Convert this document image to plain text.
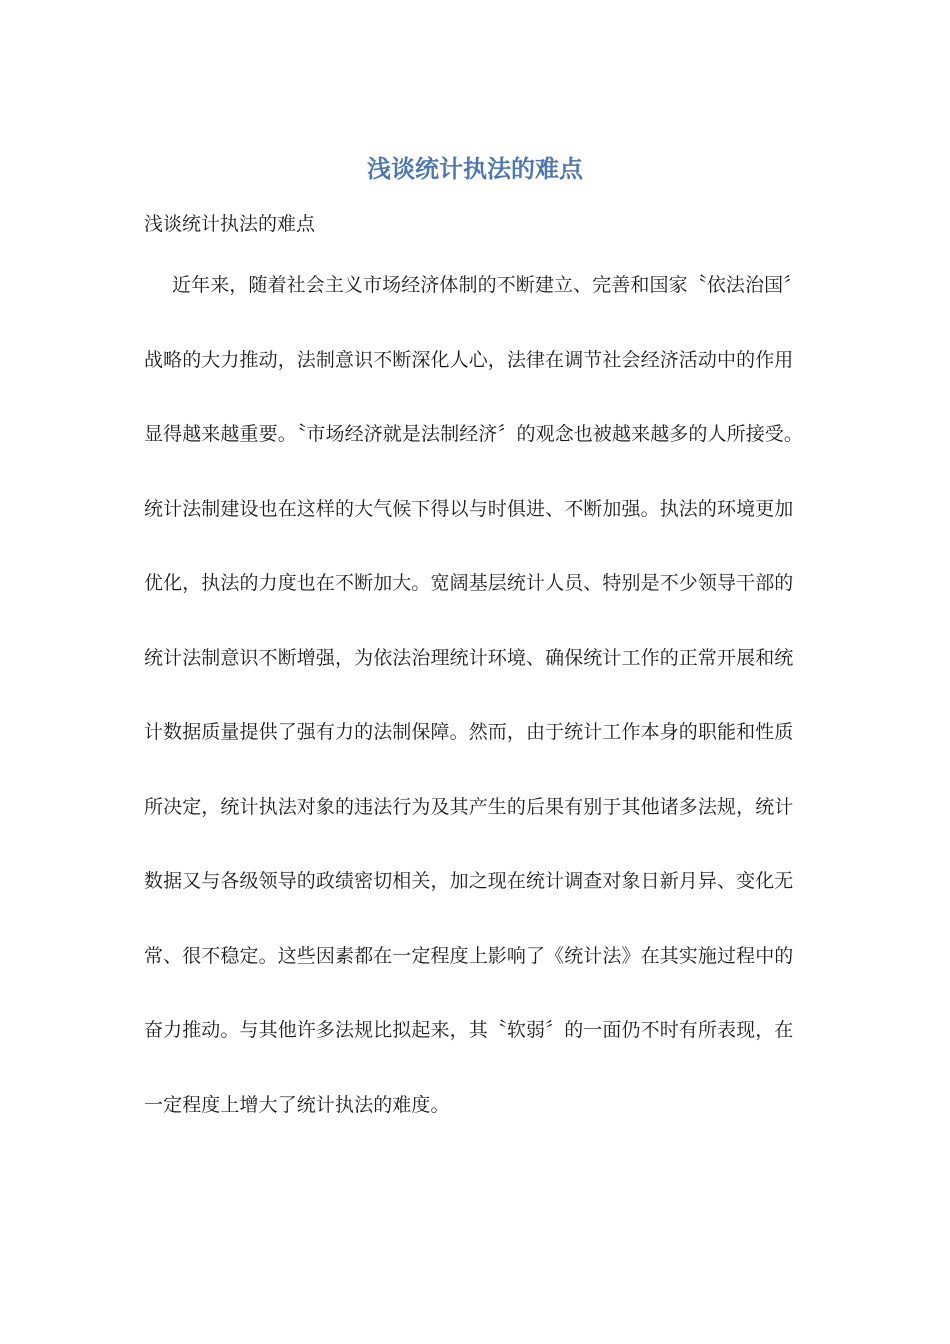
浅谈统计执法的难点

浅谈统计执法的难点

近年来，随着社会主义市场经济体制的不断建立、完善和国家〝依法治国〞
战略的大力推动，法制意识不断深化人心，法律在调节社会经济活动中的作用
显得越来越重要。〝市场经济就是法制经济〞的观念也被越来越多的人所接受。
统计法制建设也在这样的大气候下得以与时俱进、不断加强。执法的环境更加
优化，执法的力度也在不断加大。宽阔基层统计人员、特别是不少领导干部的
统计法制意识不断增强，为依法治理统计环境、确保统计工作的正常开展和统
计数据质量提供了强有力的法制保障。然而，由于统计工作本身的职能和性质
所决定，统计执法对象的违法行为及其产生的后果有别于其他诸多法规，统计
数据又与各级领导的政绩密切相关，加之现在统计调查对象日新月异、变化无
常、很不稳定。这些因素都在一定程度上影响了《统计法》在其实施过程中的
奋力推动。与其他许多法规比拟起来，其〝软弱〞的一面仍不时有所表现，在
一定程度上增大了统计执法的难度。
